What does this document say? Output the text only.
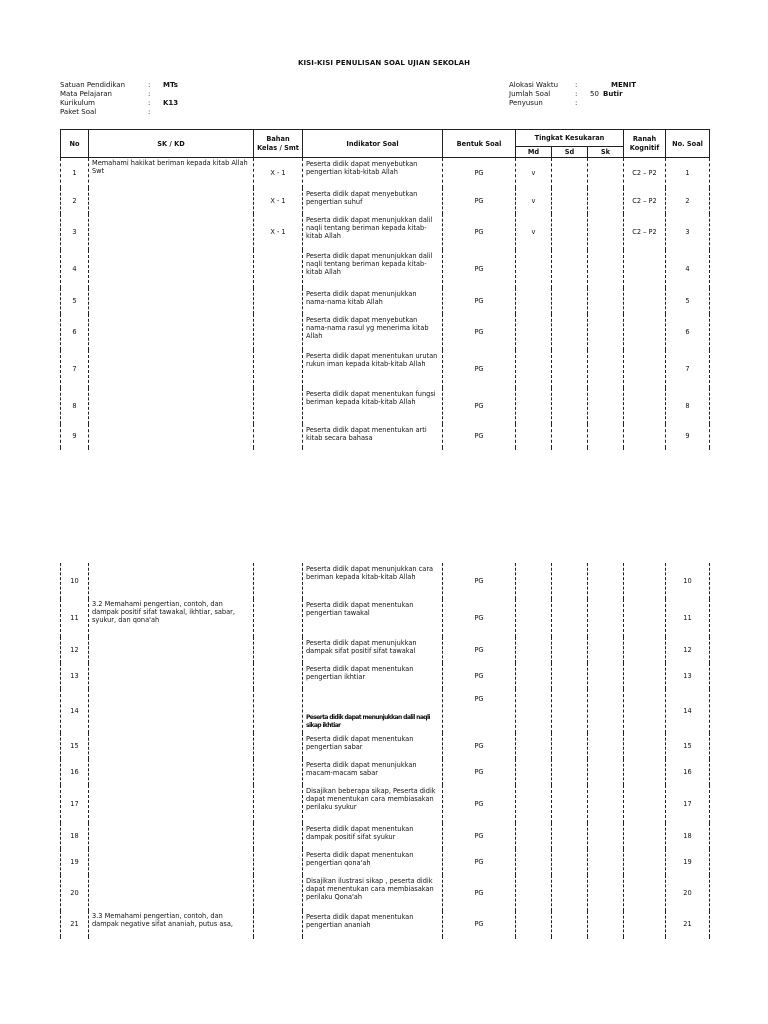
KISI-KISI PENULISAN SOAL UJIAN SEKOLAH
Satuan Pendidikan	:	MTs
Mata Pelajaran	:
Kurikulum	:	K13
Paket Soal	:
Alokasi Waktu	:	MENIT
Jumlah Soal	:	50 Butir
Penyusun	:
No	SK / KD	Bahan Kelas / Smt	Indikator Soal	Bentuk Soal	Tingkat Kesukaran			Ranah Kognitif	No. Soal
					Md	Sd	Sk		
1	Memahami hakikat beriman kepada kitab Allah Swt	X - 1	Peserta didik dapat menyebutkan pengertian kitab-kitab Allah	PG	v			C2 – P2	1
2		X - 1	Peserta didik dapat menyebutkan pengertian suhuf	PG	v			C2 – P2	2
3		X - 1	Peserta didik dapat menunjukkan dalil naqli tentang beriman kepada kitab-kitab Allah	PG	v			C2 – P2	3
4			Peserta didik dapat menunjukkan dalil naqli tentang beriman kepada kitab-kitab Allah	PG					4
5			Peserta didik dapat menunjukkan nama-nama kitab Allah	PG					5
6			Peserta didik dapat menyebutkan nama-nama rasul yg menerima kitab Allah	PG					6
7			Peserta didik dapat menentukan urutan rukun iman kepada kitab-kitab Allah	PG					7
8			Peserta didik dapat menentukan fungsi beriman kepada kitab-kitab Allah	PG					8
9			Peserta didik dapat menentukan arti kitab secara bahasa	PG					9

10			Peserta didik dapat menunjukkan cara beriman kepada kitab-kitab Allah	PG					10
11	3.2 Memahami pengertian, contoh, dan dampak positif sifat tawakal, ikhtiar, sabar, syukur, dan qona'ah		Peserta didik dapat menentukan pengertian tawakal	PG					11
12			Peserta didik dapat menunjukkan dampak sifat positif sifat tawakal	PG					12
13			Peserta didik dapat menentukan pengertian ikhtiar	PG					13
14			Peserta didik dapat menunjukkan dalil naqli sikap ikhtiar	PG					14
15			Peserta didik dapat menentukan pengertian sabar	PG					15
16			Peserta didik dapat menunjukkan macam-macam sabar	PG					16
17			Disajikan beberapa sikap, Peserta didik dapat menentukan cara membiasakan perilaku syukur	PG					17
18			Peserta didik dapat menentukan dampak positif sifat syukur	PG					18
19			Peserta didik dapat menentukan pengertian qona'ah	PG					19
20			Disajikan ilustrasi sikap , peserta didik dapat menentukan cara membiasakan perilaku Qona'ah	PG					20
21	3.3 Memahami pengertian, contoh, dan dampak negative sifat ananiah, putus asa,		Peserta didik dapat menentukan pengertian ananiah	PG					21
